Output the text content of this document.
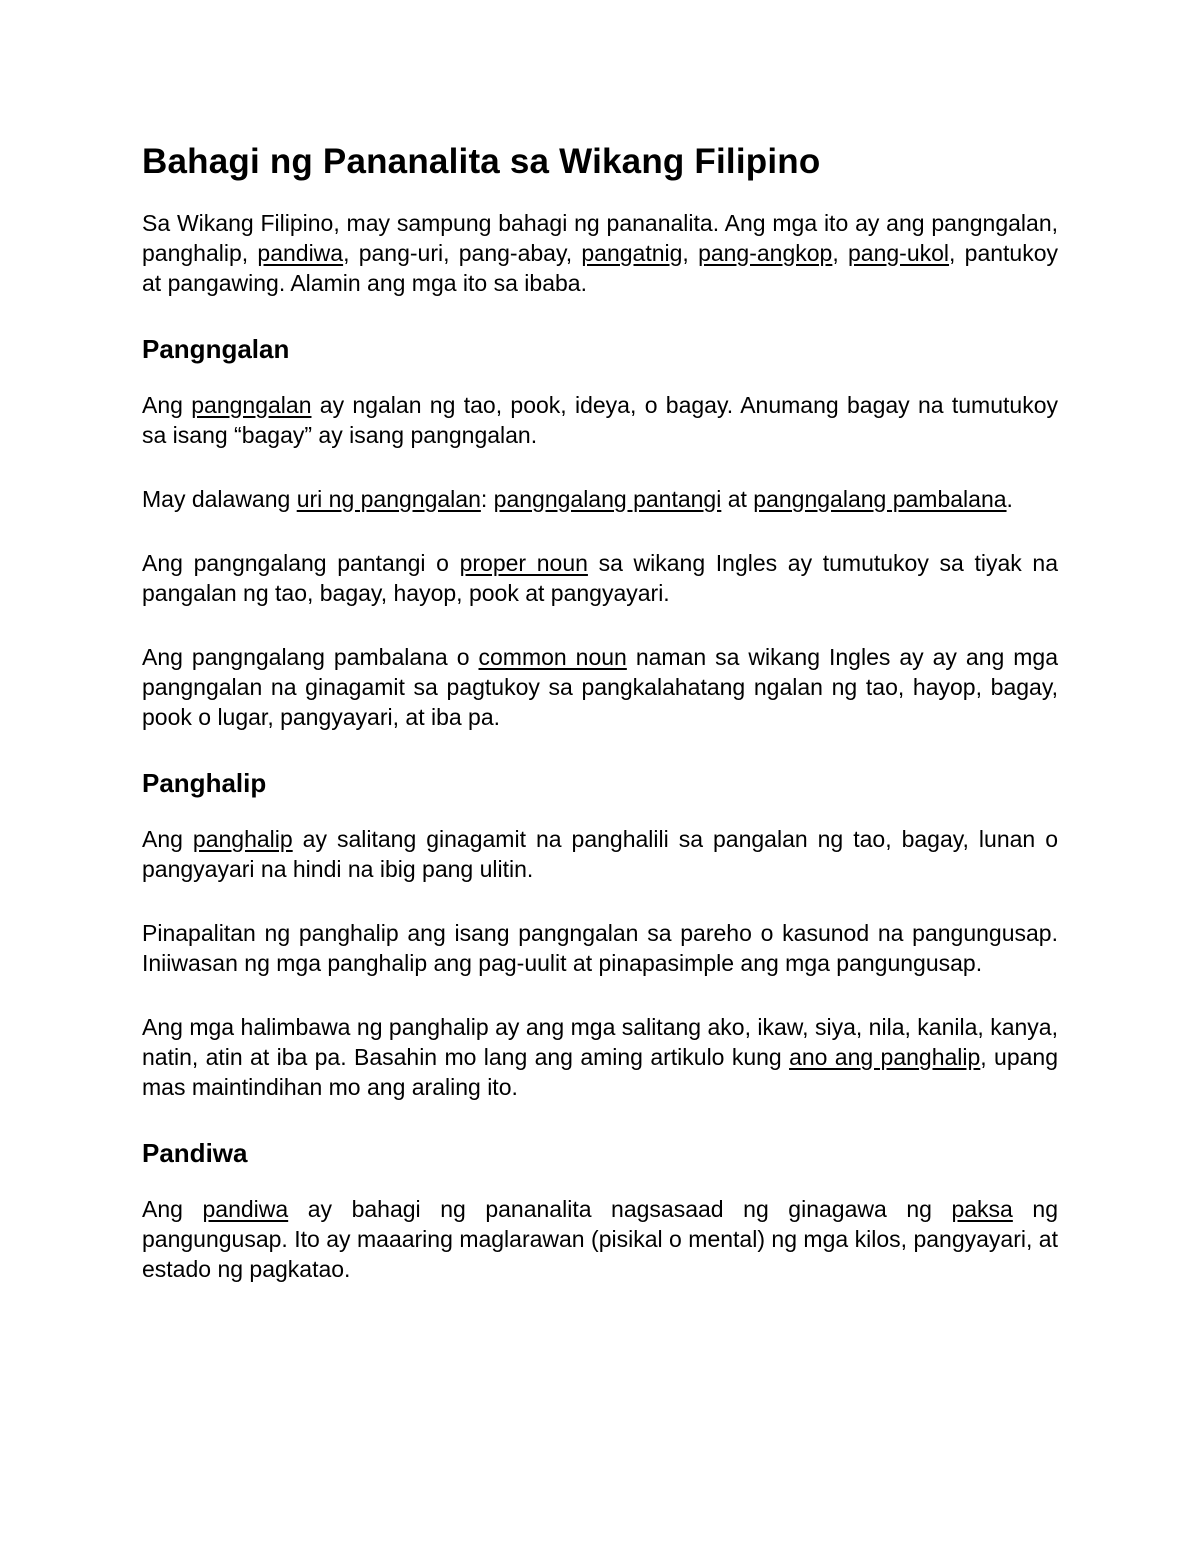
Bahagi ng Pananalita sa Wikang Filipino

Sa Wikang Filipino, may sampung bahagi ng pananalita. Ang mga ito ay ang pangngalan, panghalip, pandiwa, pang-uri, pang-abay, pangatnig, pang-angkop, pang-ukol, pantukoy at pangawing. Alamin ang mga ito sa ibaba.

Pangngalan

Ang pangngalan ay ngalan ng tao, pook, ideya, o bagay. Anumang bagay na tumutukoy sa isang “bagay” ay isang pangngalan.

May dalawang uri ng pangngalan: pangngalang pantangi at pangngalang pambalana.

Ang pangngalang pantangi o proper noun sa wikang Ingles ay tumutukoy sa tiyak na pangalan ng tao, bagay, hayop, pook at pangyayari.

Ang pangngalang pambalana o common noun naman sa wikang Ingles ay ay ang mga pangngalan na ginagamit sa pagtukoy sa pangkalahatang ngalan ng tao, hayop, bagay, pook o lugar, pangyayari, at iba pa.

Panghalip

Ang panghalip ay salitang ginagamit na panghalili sa pangalan ng tao, bagay, lunan o pangyayari na hindi na ibig pang ulitin.

Pinapalitan ng panghalip ang isang pangngalan sa pareho o kasunod na pangungusap. Iniiwasan ng mga panghalip ang pag-uulit at pinapasimple ang mga pangungusap.

Ang mga halimbawa ng panghalip ay ang mga salitang ako, ikaw, siya, nila, kanila, kanya, natin, atin at iba pa. Basahin mo lang ang aming artikulo kung ano ang panghalip, upang mas maintindihan mo ang araling ito.

Pandiwa

Ang pandiwa ay bahagi ng pananalita nagsasaad ng ginagawa ng paksa ng pangungusap. Ito ay maaaring maglarawan (pisikal o mental) ng mga kilos, pangyayari, at estado ng pagkatao.
